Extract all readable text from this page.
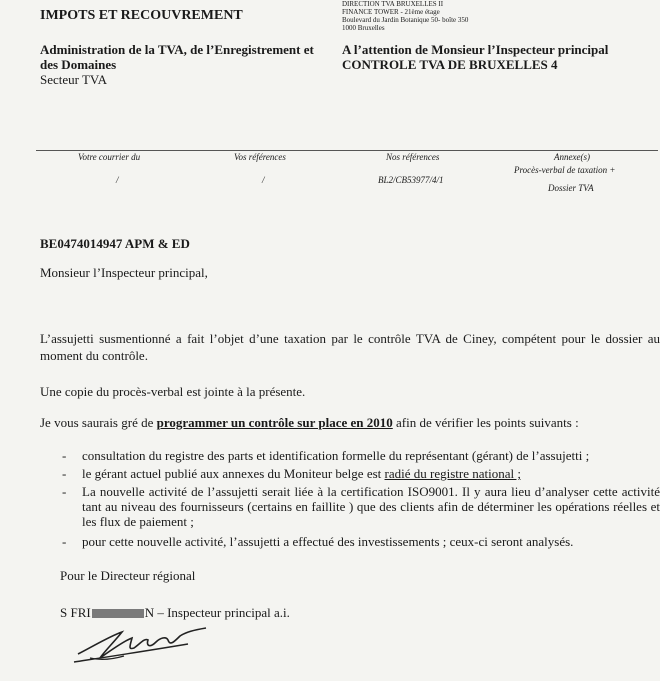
IMPOTS ET RECOUVREMENT
Administration de la TVA, de l’Enregistrement et
des Domaines
Secteur TVA
DIRECTION TVA BRUXELLES II
FINANCE TOWER - 21ème étage
Boulevard du Jardin Botanique 50- boîte 350
1000 Bruxelles
A l’attention de Monsieur l’Inspecteur principal
CONTROLE TVA DE BRUXELLES 4
Votre courrier du
/
Vos références
/
Nos références
BL2/CB53977/4/1
Annexe(s)
Procès-verbal de taxation +
Dossier TVA
BE0474014947 APM & ED
Monsieur l’Inspecteur principal,
L’assujetti susmentionné a fait l’objet d’une taxation par le contrôle TVA de Ciney, compétent pour le dossier au moment du contrôle.
Une copie du procès-verbal est jointe à la présente.
Je vous saurais gré de programmer un contrôle sur place en 2010 afin de vérifier les points suivants :
- consultation du registre des parts et identification formelle du représentant (gérant) de l’assujetti ;
- le gérant actuel publié aux annexes du Moniteur belge est radié du registre national ;
- La nouvelle activité de l’assujetti serait liée à la certification ISO9001. Il y aura lieu d’analyser cette activité tant au niveau des fournisseurs (certains en faillite ) que des clients afin de déterminer les opérations réelles et les flux de paiement ;
- pour cette nouvelle activité, l’assujetti a effectué des investissements ; ceux-ci seront analysés.
Pour le Directeur régional
S FRI	N – Inspecteur principal a.i.
